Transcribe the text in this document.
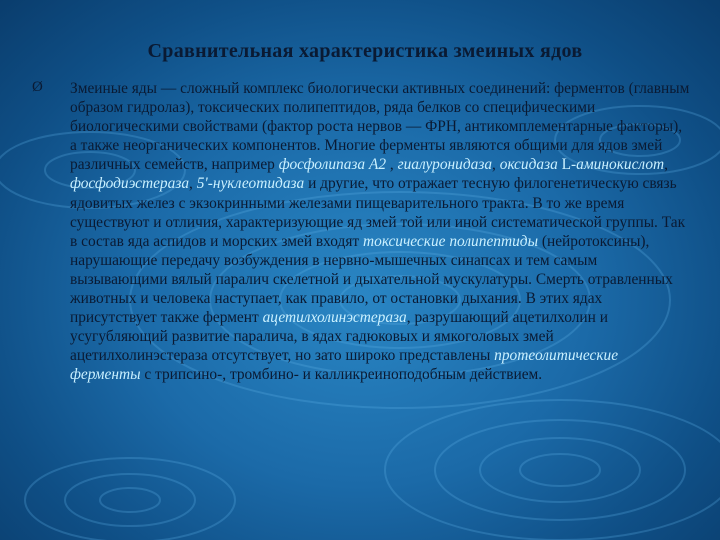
Сравнительная характеристика змеиных ядов
Ø Змеиные яды — сложный комплекс биологически активных соединений: ферментов (главным образом гидролаз), токсических полипептидов, ряда белков со специфическими биологическими свойствами (фактор роста нервов — ФРН, антикомплементарные факторы), а также неорганических компонентов. Многие ферменты являются общими для ядов змей различных семейств, например фосфолипаза А2 , гиалуронидаза, оксидаза L-аминокислот, фосфодиэстераза, 5'-нуклеотидаза и другие, что отражает тесную филогенетическую связь ядовитых желез с экзокринными железами пищеварительного тракта. В то же время существуют и отличия, характеризующие яд змей той или иной систематической группы. Так в состав яда аспидов и морских змей входят токсические полипептиды (нейротоксины), нарушающие передачу возбуждения в нервно-мышечных синапсах и тем самым вызывающими вялый паралич скелетной и дыхательной мускулатуры. Смерть отравленных животных и человека наступает, как правило, от остановки дыхания. В этих ядах присутствует также фермент ацетилхолинэстераза, разрушающий ацетилхолин и усугубляющий развитие паралича, в ядах гадюковых и ямкоголовых змей ацетилхолинэстераза отсутствует, но зато широко представлены протеолитические ферменты с трипсино-, тромбино- и калликреиноподобным действием.
